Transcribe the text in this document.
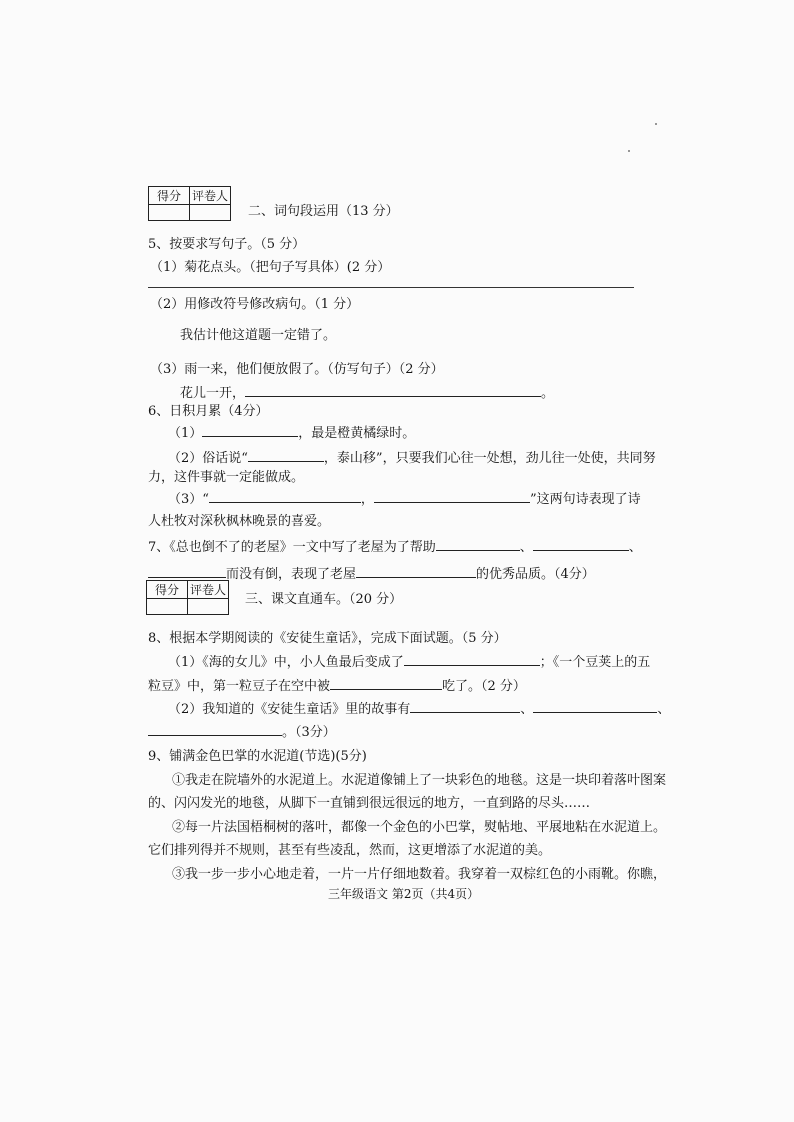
得分	评卷人

二、词句段运用（13 分）
5、按要求写句子。（5 分）
（1）菊花点头。（把句子写具体）(2 分）
（2）用修改符号修改病句。（1 分）
我估计他这道题一定错了。
（3）雨一来，他们便放假了。（仿写句子）（2 分）
花儿一开，	。
6、日积月累（4分）
（1）	，最是橙黄橘绿时。
（2）俗话说“	，泰山移”，只要我们心往一处想，劲儿往一处使，共同努
力，这件事就一定能做成。
（3）“	，	”这两句诗表现了诗
人杜牧对深秋枫林晚景的喜爱。
7、《总也倒不了的老屋》一文中写了老屋为了帮助	、	、
而没有倒，表现了老屋	的优秀品质。（4分）
得分	评卷人

三、课文直通车。（20 分）
8、根据本学期阅读的《安徒生童话》，完成下面试题。（5 分）
（1）《海的女儿》中，小人鱼最后变成了	；《一个豆荚上的五
粒豆》中，第一粒豆子在空中被	吃了。（2 分）
（2）我知道的《安徒生童话》里的故事有	、	、
。（3分）
9、铺满金色巴掌的水泥道(节选)(5分)
①我走在院墙外的水泥道上。水泥道像铺上了一块彩色的地毯。这是一块印着落叶图案
的、闪闪发光的地毯，从脚下一直铺到很远很远的地方，一直到路的尽头……
②每一片法国梧桐树的落叶，都像一个金色的小巴掌，熨帖地、平展地粘在水泥道上。
它们排列得并不规则，甚至有些凌乱，然而，这更增添了水泥道的美。
③我一步一步小心地走着，一片一片仔细地数着。我穿着一双棕红色的小雨靴。你瞧，
三年级语文 第2页（共4页）
